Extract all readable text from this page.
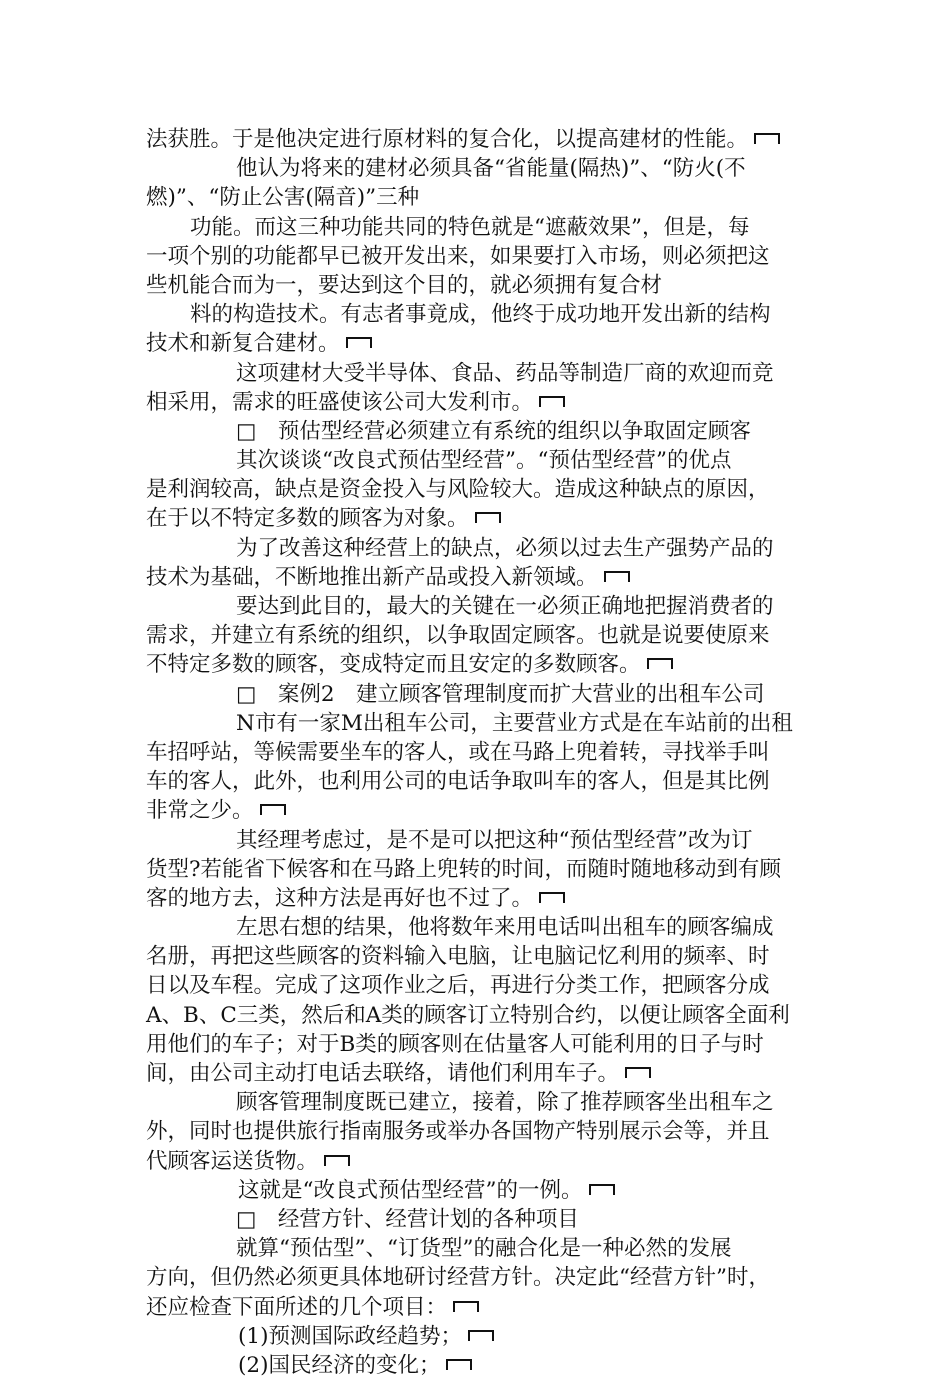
法获胜。于是他决定进行原材料的复合化，以提高建材的性能。
他认为将来的建材必须具备“省能量(隔热)”、“防火(不
燃)”、“防止公害(隔音)”三种
功能。而这三种功能共同的特色就是“遮蔽效果”，但是，每
一项个别的功能都早已被开发出来，如果要打入市场，则必须把这
些机能合而为一，要达到这个目的，就必须拥有复合材
料的构造技术。有志者事竟成，他终于成功地开发出新的结构
技术和新复合建材。
这项建材大受半导体、食品、药品等制造厂商的欢迎而竞
相采用，需求的旺盛使该公司大发利市。
□　预估型经营必须建立有系统的组织以争取固定顾客
其次谈谈“改良式预估型经营”。“预估型经营”的优点
是利润较高，缺点是资金投入与风险较大。造成这种缺点的原因，
在于以不特定多数的顾客为对象。
为了改善这种经营上的缺点，必须以过去生产强势产品的
技术为基础，不断地推出新产品或投入新领域。
要达到此目的，最大的关键在一必须正确地把握消费者的
需求，并建立有系统的组织，以争取固定顾客。也就是说要使原来
不特定多数的顾客，变成特定而且安定的多数顾客。
□　案例2　建立顾客管理制度而扩大营业的出租车公司
N市有一家M出租车公司，主要营业方式是在车站前的出租
车招呼站，等候需要坐车的客人，或在马路上兜着转，寻找举手叫
车的客人，此外，也利用公司的电话争取叫车的客人，但是其比例
非常之少。
其经理考虑过，是不是可以把这种“预估型经营”改为订
货型?若能省下候客和在马路上兜转的时间，而随时随地移动到有顾
客的地方去，这种方法是再好也不过了。
左思右想的结果，他将数年来用电话叫出租车的顾客编成
名册，再把这些顾客的资料输入电脑，让电脑记忆利用的频率、时
日以及车程。完成了这项作业之后，再进行分类工作，把顾客分成
A、B、C三类，然后和A类的顾客订立特别合约，以便让顾客全面利
用他们的车子；对于B类的顾客则在估量客人可能利用的日子与时
间，由公司主动打电话去联络，请他们利用车子。
顾客管理制度既已建立，接着，除了推荐顾客坐出租车之
外，同时也提供旅行指南服务或举办各国物产特别展示会等，并且
代顾客运送货物。
这就是“改良式预估型经营”的一例。
□　经营方针、经营计划的各种项目
就算“预估型”、“订货型”的融合化是一种必然的发展
方向，但仍然必须更具体地研讨经营方针。决定此“经营方针”时，
还应检查下面所述的几个项目：
(1)预测国际政经趋势；
(2)国民经济的变化；
